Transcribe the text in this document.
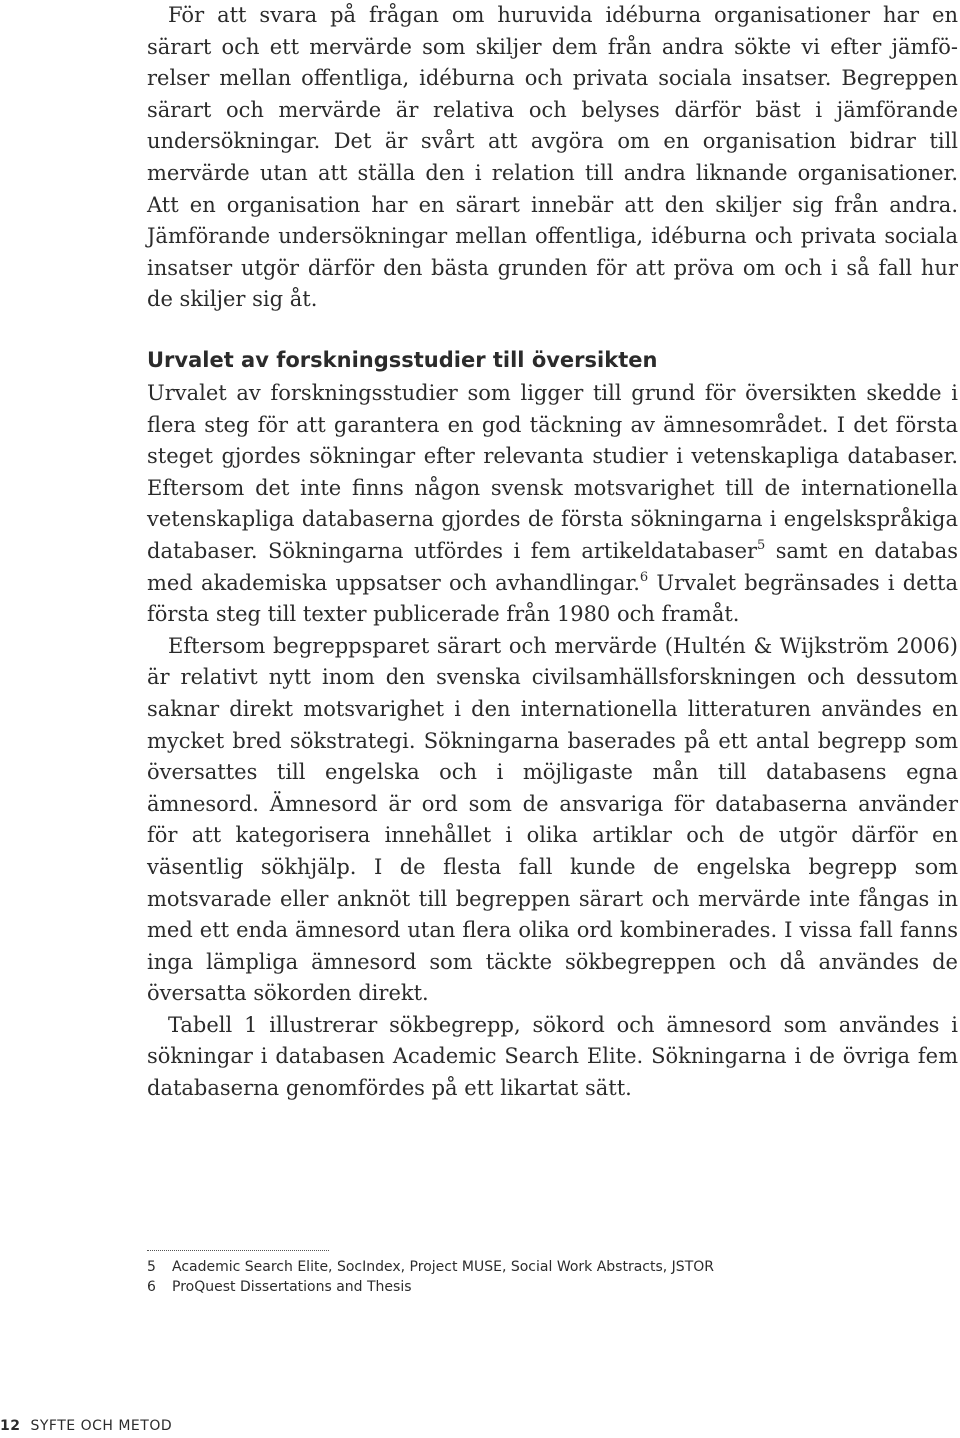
För att svara på frågan om huruvida idéburna organisationer har en särart och ett mervärde som skiljer dem från andra sökte vi efter jämförelser mellan offentliga, idéburna och privata sociala insatser. Begreppen särart och mervärde är relativa och belyses därför bäst i jämförande undersökningar. Det är svårt att avgöra om en organisation bidrar till mervärde utan att ställa den i relation till andra liknande organisationer. Att en organisation har en särart innebär att den skiljer sig från andra. Jämförande undersökningar mellan offentliga, idéburna och privata sociala insatser utgör därför den bästa grunden för att pröva om och i så fall hur de skiljer sig åt.

Urvalet av forskningsstudier till översikten

Urvalet av forskningsstudier som ligger till grund för översikten skedde i flera steg för att garantera en god täckning av ämnesområdet. I det första steget gjordes sökningar efter relevanta studier i vetenskapliga databaser. Eftersom det inte finns någon svensk motsvarighet till de internationella vetenskapliga databaserna gjordes de första sökningarna i engelskspråkiga databaser. Sökningarna utfördes i fem artikeldatabaser$^5$ samt en databas med akademiska uppsatser och avhandlingar.$^6$ Urvalet begränsades i detta första steg till texter publicerade från 1980 och framåt.

Eftersom begreppsparet särart och mervärde (Hultén & Wijkström 2006) är relativt nytt inom den svenska civilsamhällsforskningen och dessutom saknar direkt motsvarighet i den internationella litteraturen användes en mycket bred sökstrategi. Sökningarna baserades på ett antal begrepp som översattes till engelska och i möjligaste mån till databasens egna ämnesord. Ämnesord är ord som de ansvariga för databaserna använder för att kategorisera innehållet i olika artiklar och de utgör därför en väsentlig sökhjälp. I de flesta fall kunde de engelska begrepp som motsvarade eller anknöt till begreppen särart och mervärde inte fångas in med ett enda ämnesord utan flera olika ord kombinerades. I vissa fall fanns inga lämpliga ämnesord som täckte sökbegreppen och då användes de översatta sökorden direkt.

Tabell 1 illustrerar sökbegrepp, sökord och ämnesord som användes i sökningar i databasen Academic Search Elite. Sökningarna i de övriga fem databaserna genomfördes på ett likartat sätt.

5	Academic Search Elite, SocIndex, Project MUSE, Social Work Abstracts, JSTOR
6	ProQuest Dissertations and Thesis
12 SYFTE OCH METOD
